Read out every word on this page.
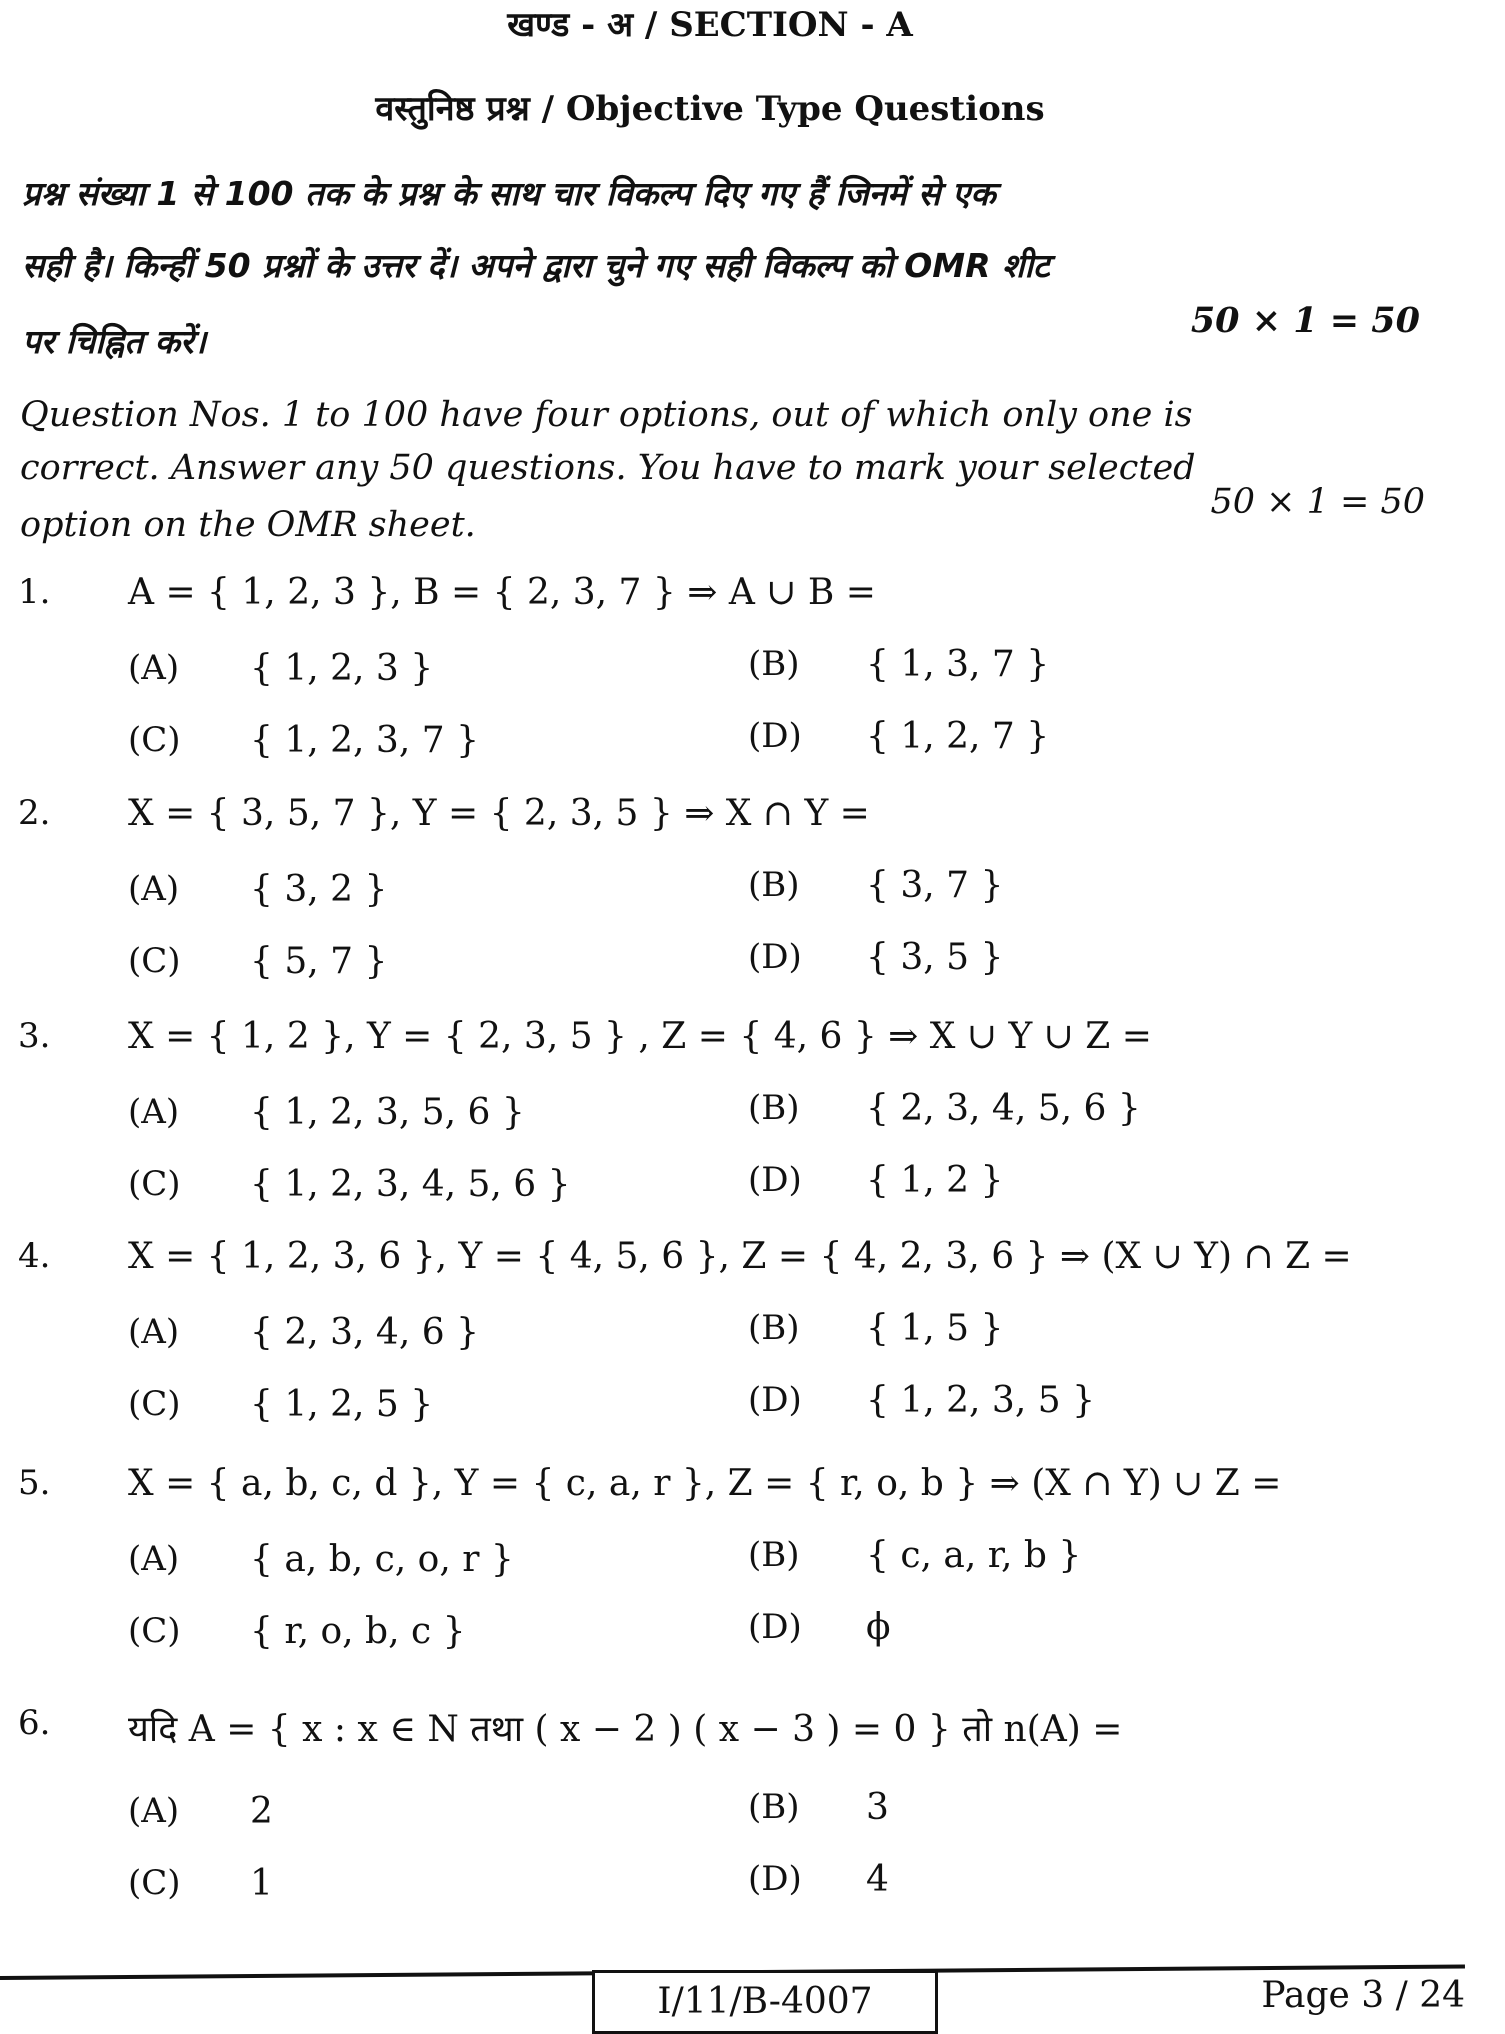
खण्ड - अ / SECTION - A
वस्तुनिष्ठ प्रश्न / Objective Type Questions
प्रश्न संख्या 1 से 100 तक के प्रश्न के साथ चार विकल्प दिए गए हैं जिनमें से एक
सही है। किन्हीं 50 प्रश्नों के उत्तर दें। अपने द्वारा चुने गए सही विकल्प को OMR शीट
पर चिह्नित करें।
50 × 1 = 50
Question Nos. 1 to 100 have four options, out of which only one is
correct. Answer any 50 questions. You have to mark your selected
option on the OMR sheet.
50 × 1 = 50
1. A = { 1, 2, 3 }, B = { 2, 3, 7 } ⇒ A ∪ B =
(A) { 1, 2, 3 }	(B) { 1, 3, 7 }
(C) { 1, 2, 3, 7 }	(D) { 1, 2, 7 }
2. X = { 3, 5, 7 }, Y = { 2, 3, 5 } ⇒ X ∩ Y =
(A) { 3, 2 }	(B) { 3, 7 }
(C) { 5, 7 }	(D) { 3, 5 }
3. X = { 1, 2 }, Y = { 2, 3, 5 } , Z = { 4, 6 } ⇒ X ∪ Y ∪ Z =
(A) { 1, 2, 3, 5, 6 }	(B) { 2, 3, 4, 5, 6 }
(C) { 1, 2, 3, 4, 5, 6 }	(D) { 1, 2 }
4. X = { 1, 2, 3, 6 }, Y = { 4, 5, 6 }, Z = { 4, 2, 3, 6 } ⇒ (X ∪ Y) ∩ Z =
(A) { 2, 3, 4, 6 }	(B) { 1, 5 }
(C) { 1, 2, 5 }	(D) { 1, 2, 3, 5 }
5. X = { a, b, c, d }, Y = { c, a, r }, Z = { r, o, b } ⇒ (X ∩ Y) ∪ Z =
(A) { a, b, c, o, r }	(B) { c, a, r, b }
(C) { r, o, b, c }	(D) ϕ
6. यदि A = { x : x ∈ N तथा ( x − 2 ) ( x − 3 ) = 0 } तो n(A) =
(A) 2	(B) 3
(C) 1	(D) 4
I/11/B-4007	Page 3 / 24
